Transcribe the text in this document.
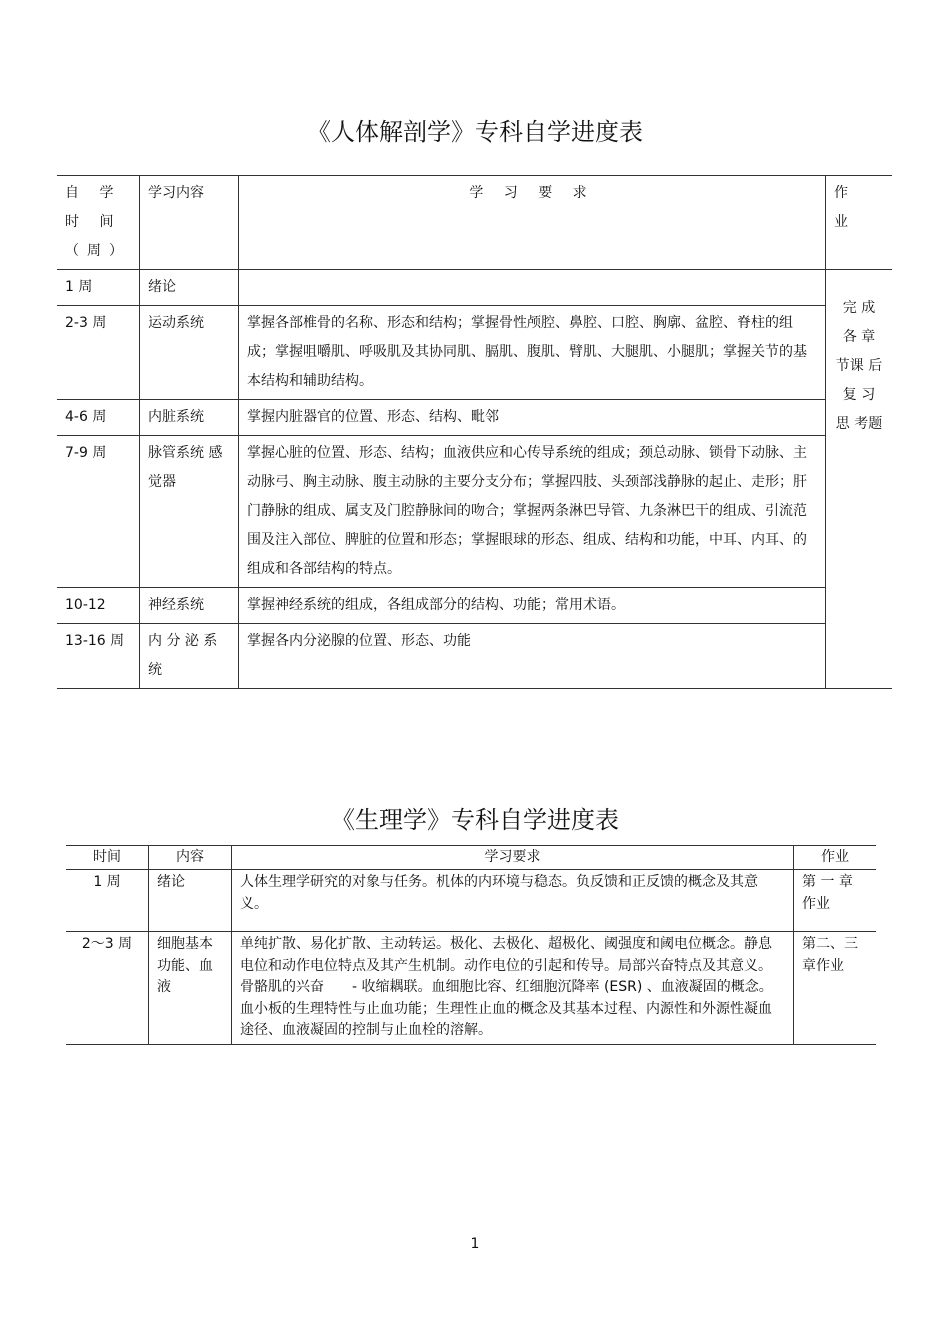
《人体解剖学》专科自学进度表
自 学 时 间（周）	学习内容	学 习 要 求	作 业
1 周	绪论		完 成 各 章 节课 后 复 习 思 考题
2-3 周	运动系统	掌握各部椎骨的名称、形态和结构；掌握骨性颅腔、鼻腔、口腔、胸廓、盆腔、脊柱的组成；掌握咀嚼肌、呼吸肌及其协同肌、膈肌、腹肌、臂肌、大腿肌、小腿肌；掌握关节的基本结构和辅助结构。	
4-6 周	内脏系统	掌握内脏器官的位置、形态、结构、毗邻	
7-9 周	脉管系统 感觉器	掌握心脏的位置、形态、结构；血液供应和心传导系统的组成；颈总动脉、锁骨下动脉、主动脉弓、胸主动脉、腹主动脉的主要分支分布；掌握四肢、头颈部浅静脉的起止、走形；肝门静脉的组成、属支及门腔静脉间的吻合；掌握两条淋巴导管、九条淋巴干的组成、引流范围及注入部位、脾脏的位置和形态；掌握眼球的形态、组成、结构和功能，中耳、内耳、的组成和各部结构的特点。	
10-12	神经系统	掌握神经系统的组成，各组成部分的结构、功能；常用术语。	
13-16 周	内 分 泌 系 统	掌握各内分泌腺的位置、形态、功能	
《生理学》专科自学进度表
时间	内容	学习要求	作业
1 周	绪论	人体生理学研究的对象与任务。机体的内环境与稳态。负反馈和正反馈的概念及其意义。	第 一 章 作业
2～3 周	细胞基本功能、血液	单纯扩散、易化扩散、主动转运。极化、去极化、超极化、阈强度和阈电位概念。静息电位和动作电位特点及其产生机制。动作电位的引起和传导。局部兴奋特点及其意义。骨骼肌的兴奋　　- 收缩耦联。血细胞比容、红细胞沉降率 (ESR) 、血液凝固的概念。血小板的生理特性与止血功能；生理性止血的概念及其基本过程、内源性和外源性凝血途径、血液凝固的控制与止血栓的溶解。	第二、三章作业
1
